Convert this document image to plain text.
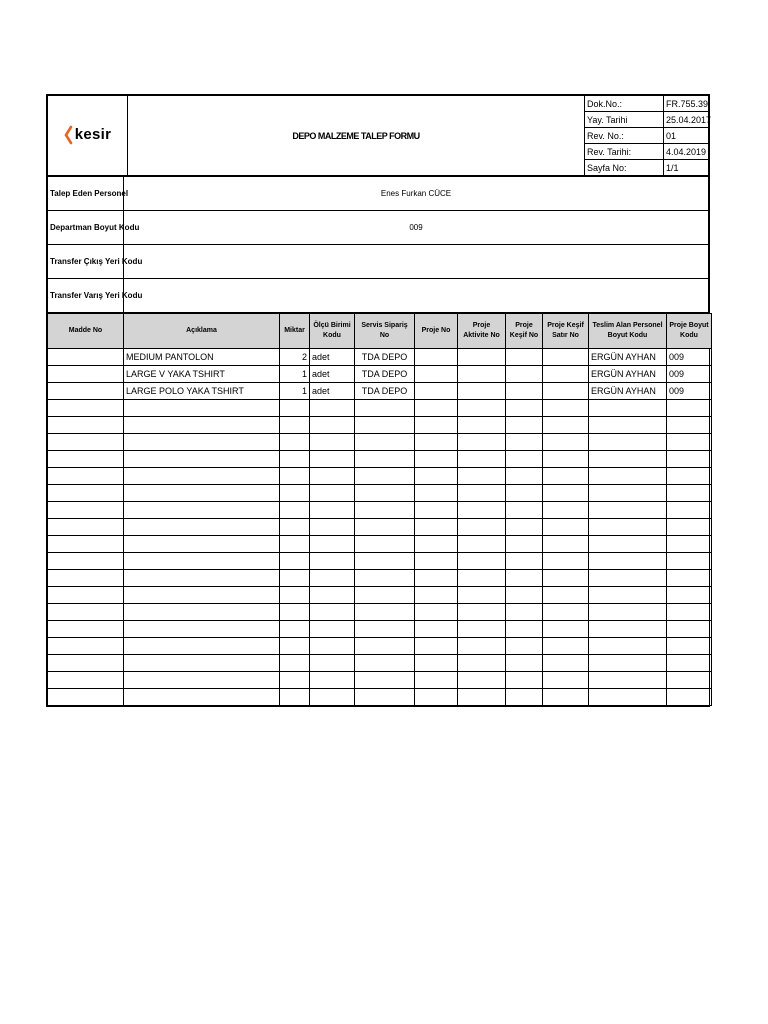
kesir	DEPO MALZEME TALEP FORMU	Dok.No.:	FR.755.39
		Yay. Tarihi	25.04.2017
		Rev. No.:	01
		Rev. Tarihi:	4.04.2019
		Sayfa No:	1/1
Talep Eden Personel	Enes Furkan CÜCE
Departman Boyut Kodu	009
Transfer Çıkış Yeri Kodu	
Transfer Varış Yeri Kodu	
Madde No	Açıklama	Miktar	Ölçü Birimi Kodu	Servis Sipariş No	Proje No	Proje Aktivite No	Proje Keşif No	Proje Keşif Satır No	Teslim Alan Personel Boyut Kodu	Proje Boyut Kodu
	MEDIUM PANTOLON	2	adet	TDA DEPO					ERGÜN AYHAN	009
	LARGE V YAKA TSHIRT	1	adet	TDA DEPO					ERGÜN AYHAN	009
	LARGE POLO YAKA TSHIRT	1	adet	TDA DEPO					ERGÜN AYHAN	009
